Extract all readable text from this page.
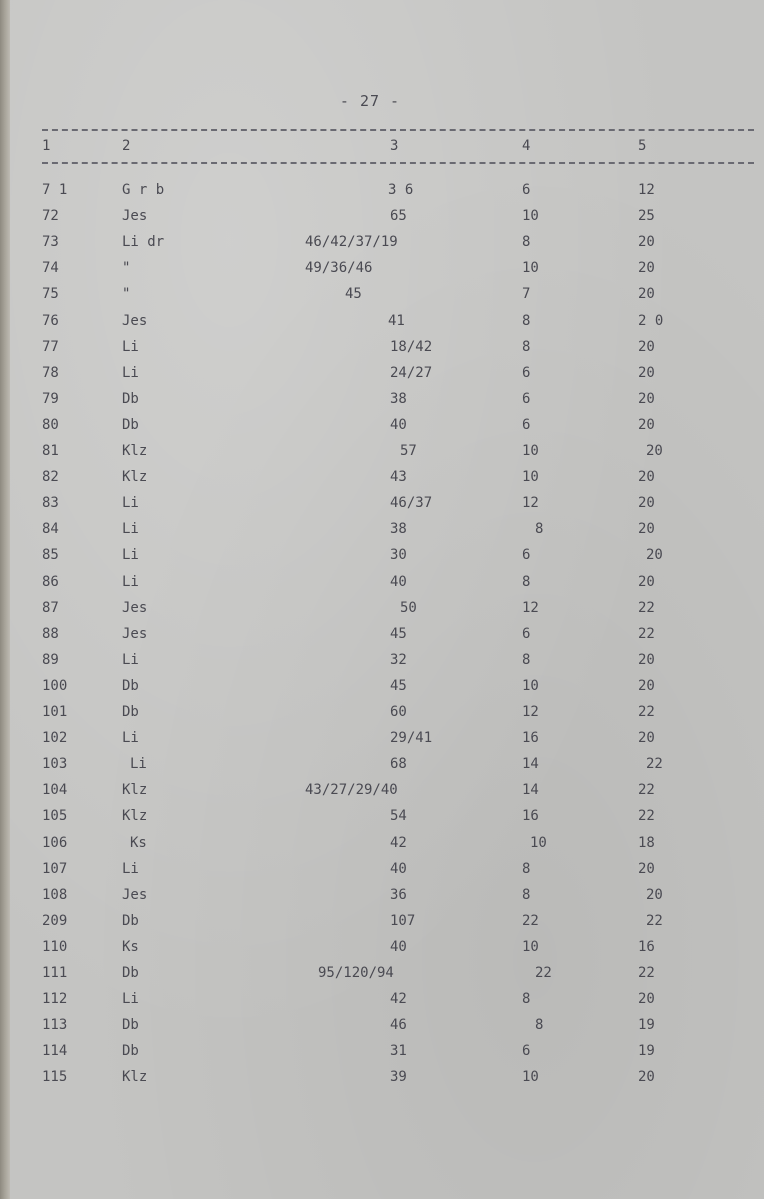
- 27 -
1	2	3	4	5
7 1	G r b	3 6	6	12
72	Jes	65	10	25
73	Li dr	46/42/37/19	8	20
74	"	49/36/46	10	20
75	"	45	7	20
76	Jes	41	8	2 0
77	Li	18/42	8	20
78	Li	24/27	6	20
79	Db	38	6	20
80	Db	40	6	20
81	Klz	57	10	20
82	Klz	43	10	20
83	Li	46/37	12	20
84	Li	38	8	20
85	Li	30	6	20
86	Li	40	8	20
87	Jes	50	12	22
88	Jes	45	6	22
89	Li	32	8	20
100	Db	45	10	20
101	Db	60	12	22
102	Li	29/41	16	20
103	Li	68	14	22
104	Klz	43/27/29/40	14	22
105	Klz	54	16	22
106	Ks	42	10	18
107	Li	40	8	20
108	Jes	36	8	20
209	Db	107	22	22
110	Ks	40	10	16
111	Db	95/120/94	22	22
112	Li	42	8	20
113	Db	46	8	19
114	Db	31	6	19
115	Klz	39	10	20
